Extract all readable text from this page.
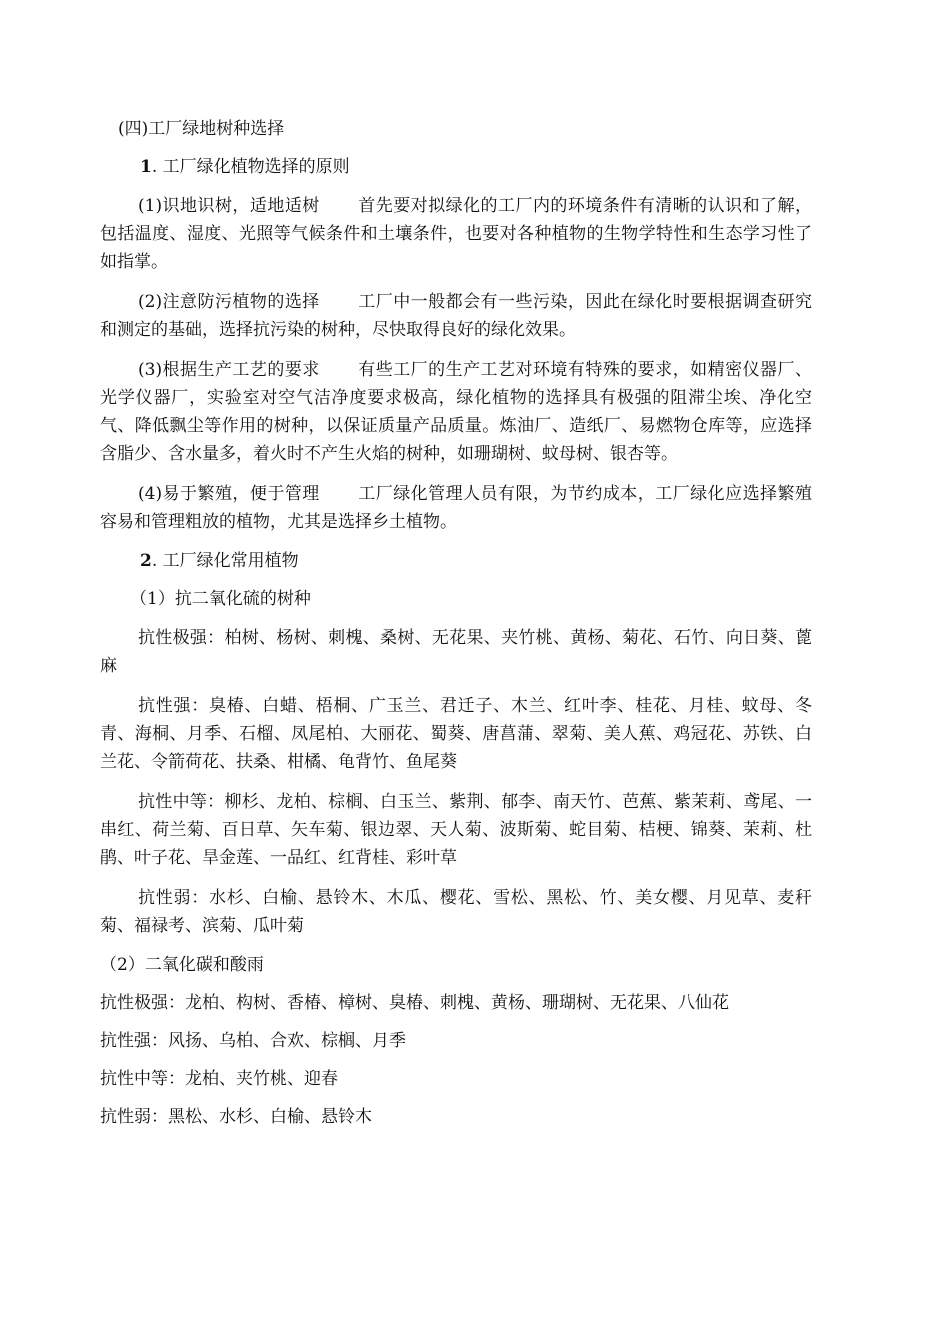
(四)工厂绿地树种选择

1. 工厂绿化植物选择的原则

(1)识地识树，适地适树 首先要对拟绿化的工厂内的环境条件有清晰的认识和了解，包括温度、湿度、光照等气候条件和土壤条件，也要对各种植物的生物学特性和生态学习性了如指掌。

(2)注意防污植物的选择 工厂中一般都会有一些污染，因此在绿化时要根据调查研究和测定的基础，选择抗污染的树种，尽快取得良好的绿化效果。

(3)根据生产工艺的要求 有些工厂的生产工艺对环境有特殊的要求，如精密仪器厂、光学仪器厂，实验室对空气洁净度要求极高，绿化植物的选择具有极强的阻滞尘埃、净化空气、降低飘尘等作用的树种，以保证质量产品质量。炼油厂、造纸厂、易燃物仓库等，应选择含脂少、含水量多，着火时不产生火焰的树种，如珊瑚树、蚊母树、银杏等。

(4)易于繁殖，便于管理 工厂绿化管理人员有限，为节约成本，工厂绿化应选择繁殖容易和管理粗放的植物，尤其是选择乡土植物。

2. 工厂绿化常用植物

（1）抗二氧化硫的树种

抗性极强：柏树、杨树、刺槐、桑树、无花果、夹竹桃、黄杨、菊花、石竹、向日葵、蓖麻

抗性强：臭椿、白蜡、梧桐、广玉兰、君迁子、木兰、红叶李、桂花、月桂、蚊母、冬青、海桐、月季、石榴、凤尾柏、大丽花、蜀葵、唐菖蒲、翠菊、美人蕉、鸡冠花、苏铁、白兰花、令箭荷花、扶桑、柑橘、龟背竹、鱼尾葵

抗性中等：柳杉、龙柏、棕榈、白玉兰、紫荆、郁李、南天竹、芭蕉、紫茉莉、鸢尾、一串红、荷兰菊、百日草、矢车菊、银边翠、天人菊、波斯菊、蛇目菊、桔梗、锦葵、茉莉、杜鹃、叶子花、旱金莲、一品红、红背桂、彩叶草

抗性弱：水杉、白榆、悬铃木、木瓜、樱花、雪松、黑松、竹、美女樱、月见草、麦秆菊、福禄考、滨菊、瓜叶菊

（2）二氧化碳和酸雨

抗性极强：龙柏、构树、香椿、樟树、臭椿、刺槐、黄杨、珊瑚树、无花果、八仙花

抗性强：风扬、乌柏、合欢、棕榈、月季

抗性中等：龙柏、夹竹桃、迎春

抗性弱：黑松、水杉、白榆、悬铃木
